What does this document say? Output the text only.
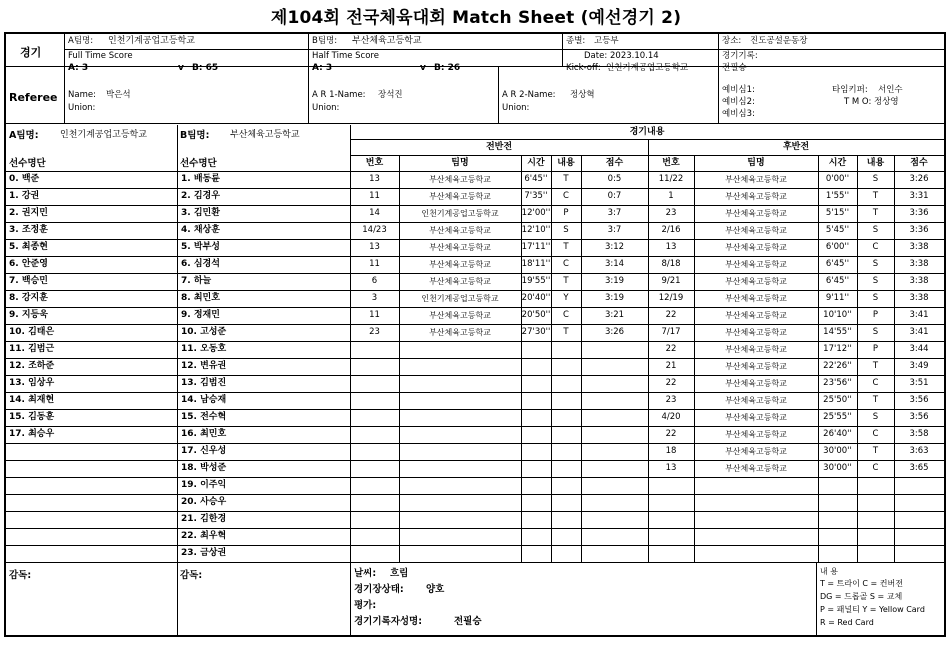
제104회 전국체육대회 Match Sheet (예선경기 2)
경기
A팀명: 인천기계공업고등학교	B팀명: 부산체육고등학교	종별: 고등부	장소: 진도공설운동장
Full Time Score
A: 3	v B: 65
Half Time Score
A: 3	v B: 26
Date: 2023.10.14
Kick-off: 인천기계공업고등학교
경기기록:
전필승
Referee Name: 박은석
Union:
A R 1-Name: 장석진
Union:
A R 2-Name: 정상혁
Union:
예비심1:
예비심2:
예비심3:
타임키퍼: 서인수
T M O: 정상영
A팀명: 인천기계공업고등학교	B팀명: 부산체육고등학교	경기내용
전반전	후반전
선수명단	선수명단	번호	팀명	시간	내용	점수	번호	팀명	시간	내용	점수
0. 백준
1. 강권
2. 권지민
3. 조정훈
5. 최종현
6. 안준영
7. 백승민
8. 강지훈
9. 지등욱
10. 김태은
11. 김범근
12. 조하준
13. 임상우
14. 최재현
15. 김동훈
17. 최승우
1. 배동륜
2. 김경우
3. 김민환
4. 채상훈
5. 박부성
6. 심경석
7. 하늘
8. 최민호
9. 정재민
10. 고성준
11. 오동호
12. 변유권
13. 김범진
14. 남승재
15. 전수혁
16. 최민호
17. 신우성
18. 박성준
19. 이주익
20. 사승우
21. 김한경
22. 최우혁
23. 금상권
13	부산체육고등학교	6'45''	T	0:5
11	부산체육고등학교	7'35''	C	0:7
14	인천기계공업고등학교	12'00''	P	3:7
14/23	부산체육고등학교	12'10''	S	3:7
13	부산체육고등학교	17'11''	T	3:12
11	부산체육고등학교	18'11''	C	3:14
6	부산체육고등학교	19'55''	T	3:19
3	인천기계공업고등학교	20'40''	Y	3:19
11	부산체육고등학교	20'50''	C	3:21
23	부산체육고등학교	27'30''	T	3:26
11/22	부산체육고등학교	0'00''	S	3:26
1	부산체육고등학교	1'55''	T	3:31
23	부산체육고등학교	5'15''	T	3:36
2/16	부산체육고등학교	5'45''	S	3:36
13	부산체육고등학교	6'00''	C	3:38
8/18	부산체육고등학교	6'45''	S	3:38
9/21	부산체육고등학교	6'45''	S	3:38
12/19	부산체육고등학교	9'11''	S	3:38
22	부산체육고등학교	10'10''	P	3:41
7/17	부산체육고등학교	14'55''	S	3:41
22	부산체육고등학교	17'12''	P	3:44
21	부산체육고등학교	22'26''	T	3:49
22	부산체육고등학교	23'56''	C	3:51
23	부산체육고등학교	25'50''	T	3:56
4/20	부산체육고등학교	25'55''	S	3:56
22	부산체육고등학교	26'40''	C	3:58
18	부산체육고등학교	30'00''	T	3:63
13	부산체육고등학교	30'00''	C	3:65
감독:	감독:	날씨: 흐림
경기장상태: 양호
평가:
경기기록자성명:	전필승
내 용
T = 트라이 C = 컨버젼
DG = 드롭골 S = 교체
P = 패널티 Y = Yellow Card
R = Red Card
